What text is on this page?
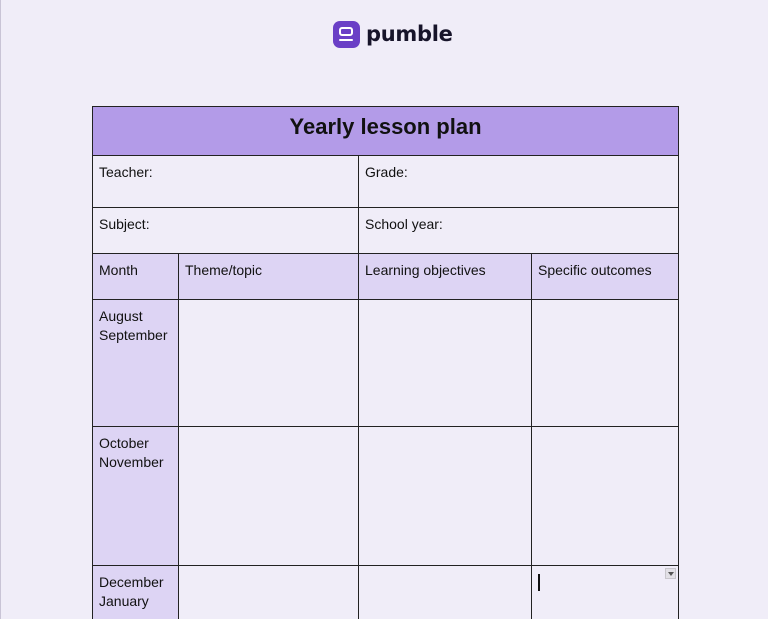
pumble
Yearly lesson plan			
Teacher:		Grade:	
Subject:		School year:	
Month	Theme/topic	Learning objectives	Specific outcomes

August
September			

October
November			

December
January			
